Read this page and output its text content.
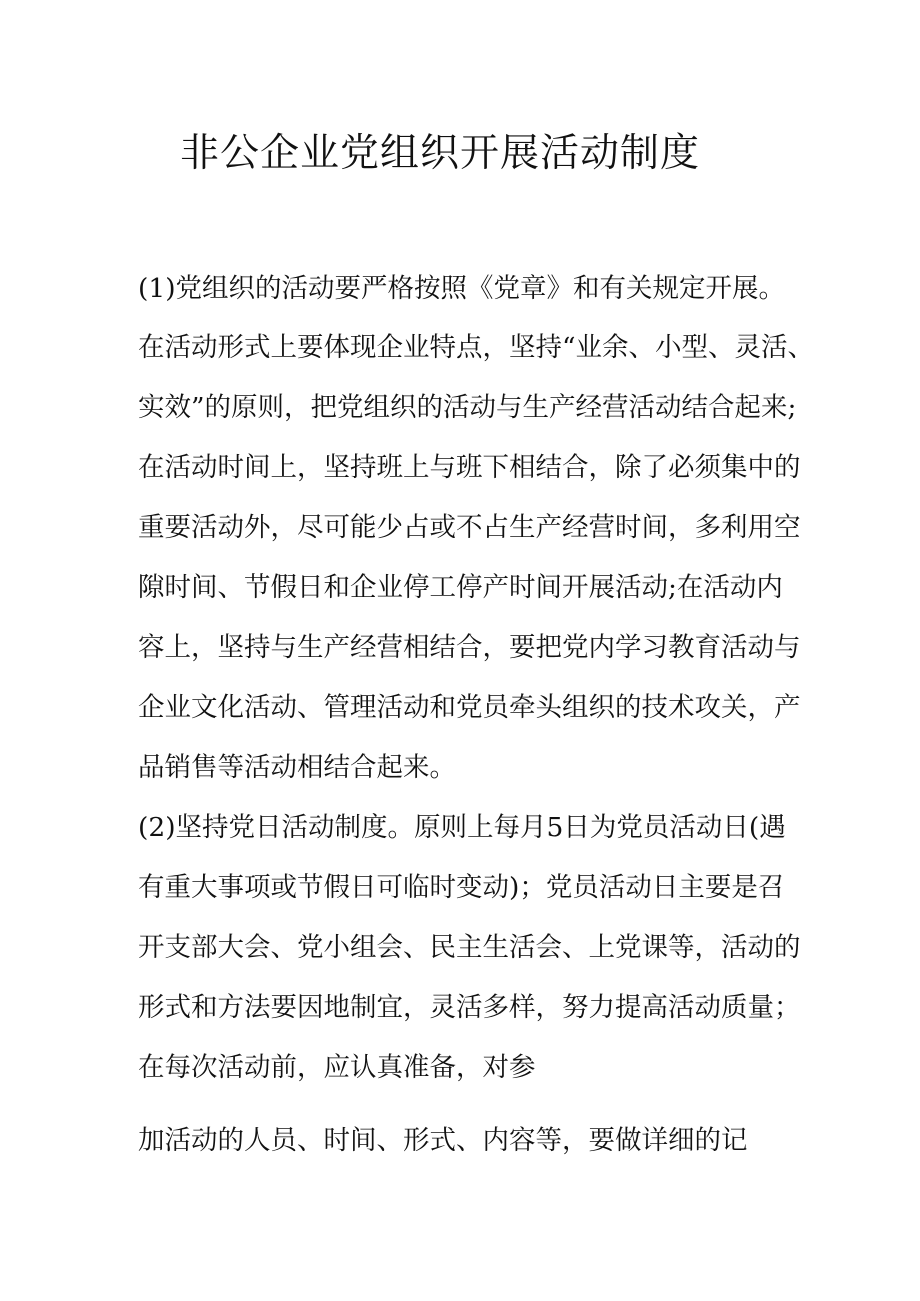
非公企业党组织开展活动制度

(1)党组织的活动要严格按照《党章》和有关规定开展。

在活动形式上要体现企业特点，坚持“业余、小型、灵活、

实效”的原则，把党组织的活动与生产经营活动结合起来;

在活动时间上，坚持班上与班下相结合，除了必须集中的

重要活动外，尽可能少占或不占生产经营时间，多利用空

隙时间、节假日和企业停工停产时间开展活动;在活动内

容上，坚持与生产经营相结合，要把党内学习教育活动与

企业文化活动、管理活动和党员牵头组织的技术攻关，产

品销售等活动相结合起来。

(2)坚持党日活动制度。原则上每月5日为党员活动日(遇

有重大事项或节假日可临时变动)；党员活动日主要是召

开支部大会、党小组会、民主生活会、上党课等，活动的

形式和方法要因地制宜，灵活多样，努力提高活动质量；

在每次活动前，应认真准备，对参

加活动的人员、时间、形式、内容等，要做详细的记
